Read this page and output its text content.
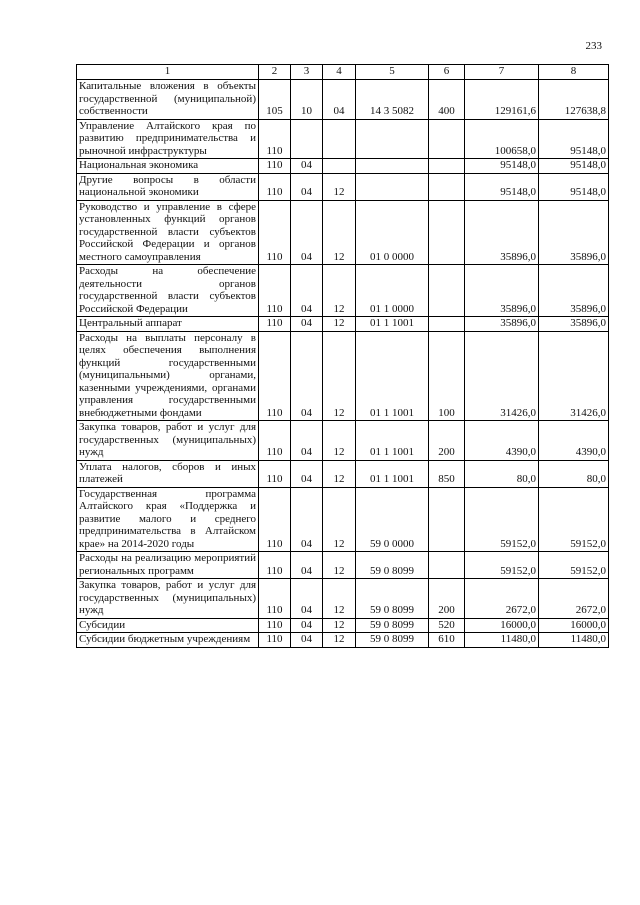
233
1	2	3	4	5	6	7	8
Капитальные вложения в объекты государственной (муниципальной) собственности	105	10	04	14 3 5082	400	129161,6	127638,8
Управление Алтайского края по развитию предпринимательства и рыночной инфраструктуры	110					100658,0	95148,0
Национальная экономика	110	04				95148,0	95148,0
Другие вопросы в области национальной экономики	110	04	12			95148,0	95148,0
Руководство и управление в сфере установленных функций органов государственной власти субъектов Российской Федерации и органов местного самоуправления	110	04	12	01 0 0000		35896,0	35896,0
Расходы на обеспечение деятельности органов государственной власти субъектов Российской Федерации	110	04	12	01 1 0000		35896,0	35896,0
Центральный аппарат	110	04	12	01 1 1001		35896,0	35896,0
Расходы на выплаты персоналу в целях обеспечения выполнения функций государственными (муниципальными) органами, казенными учреждениями, органами управления государственными внебюджетными фондами	110	04	12	01 1 1001	100	31426,0	31426,0
Закупка товаров, работ и услуг для государственных (муниципальных) нужд	110	04	12	01 1 1001	200	4390,0	4390,0
Уплата налогов, сборов и иных платежей	110	04	12	01 1 1001	850	80,0	80,0
Государственная программа Алтайского края «Поддержка и развитие малого и среднего предпринимательства в Алтайском крае» на 2014-2020 годы	110	04	12	59 0 0000		59152,0	59152,0
Расходы на реализацию мероприятий региональных программ	110	04	12	59 0 8099		59152,0	59152,0
Закупка товаров, работ и услуг для государственных (муниципальных) нужд	110	04	12	59 0 8099	200	2672,0	2672,0
Субсидии	110	04	12	59 0 8099	520	16000,0	16000,0
Субсидии бюджетным учреждениям	110	04	12	59 0 8099	610	11480,0	11480,0
